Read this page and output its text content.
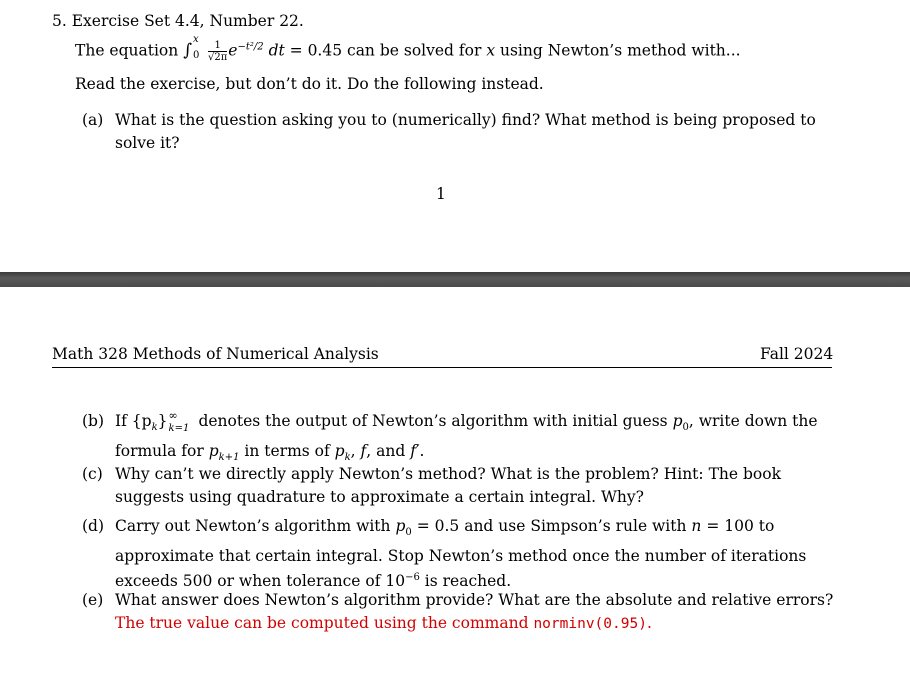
5. Exercise Set 4.4, Number 22.
The equation ∫
x
0
$\frac{1}{√2\pi} e^{-t^2/2}$ dt = 0.45 can be solved for x using Newton’s method with...
Read the exercise, but don’t do it. Do the following instead.
(a) What is the question asking you to (numerically) find? What method is being proposed to
solve it?
1
Math 328 Methods of Numerical Analysis	Fall 2024
(b) If $\{p_k\}$ ∞
k=1 denotes the output of Newton’s algorithm with initial guess $p_0$, write down the
formula for $p_{k+1}$ in terms of $p_k$, f, and f′.
(c) Why can’t we directly apply Newton’s method? What is the problem? Hint: The book
suggests using quadrature to approximate a certain integral. Why?
(d) Carry out Newton’s algorithm with $p_0 = 0.5$ and use Simpson’s rule with n = 100 to
approximate that certain integral. Stop Newton’s method once the number of iterations
exceeds 500 or when tolerance of $10^{-6}$ is reached.
(e) What answer does Newton’s algorithm provide? What are the absolute and relative errors?
The true value can be computed using the command norminv(0.95).
